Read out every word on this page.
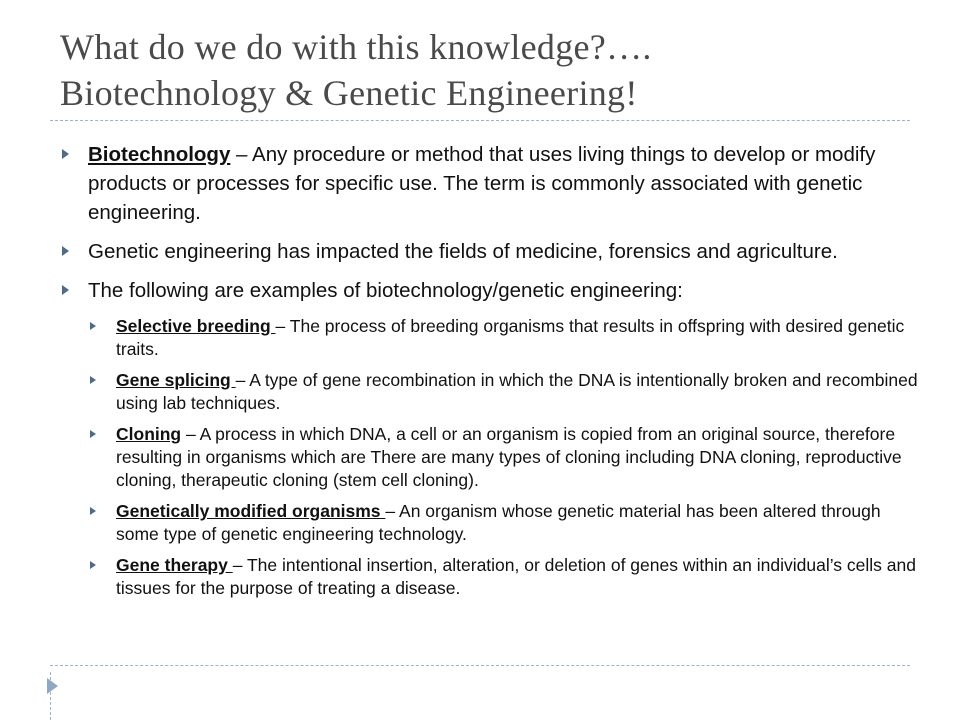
What do we do with this knowledge?….
Biotechnology & Genetic Engineering!
Biotechnology – Any procedure or method that uses living things to develop or modify products or processes for specific use. The term is commonly associated with genetic engineering.
Genetic engineering has impacted the fields of medicine, forensics and agriculture.
The following are examples of biotechnology/genetic engineering:
Selective breeding – The process of breeding organisms that results in offspring with desired genetic traits.
Gene splicing – A type of gene recombination in which the DNA is intentionally broken and recombined using lab techniques.
Cloning – A process in which DNA, a cell or an organism is copied from an original source, therefore resulting in organisms which are There are many types of cloning including DNA cloning, reproductive cloning, therapeutic cloning (stem cell cloning).
Genetically modified organisms – An organism whose genetic material has been altered through some type of genetic engineering technology.
Gene therapy – The intentional insertion, alteration, or deletion of genes within an individual’s cells and tissues for the purpose of treating a disease.
